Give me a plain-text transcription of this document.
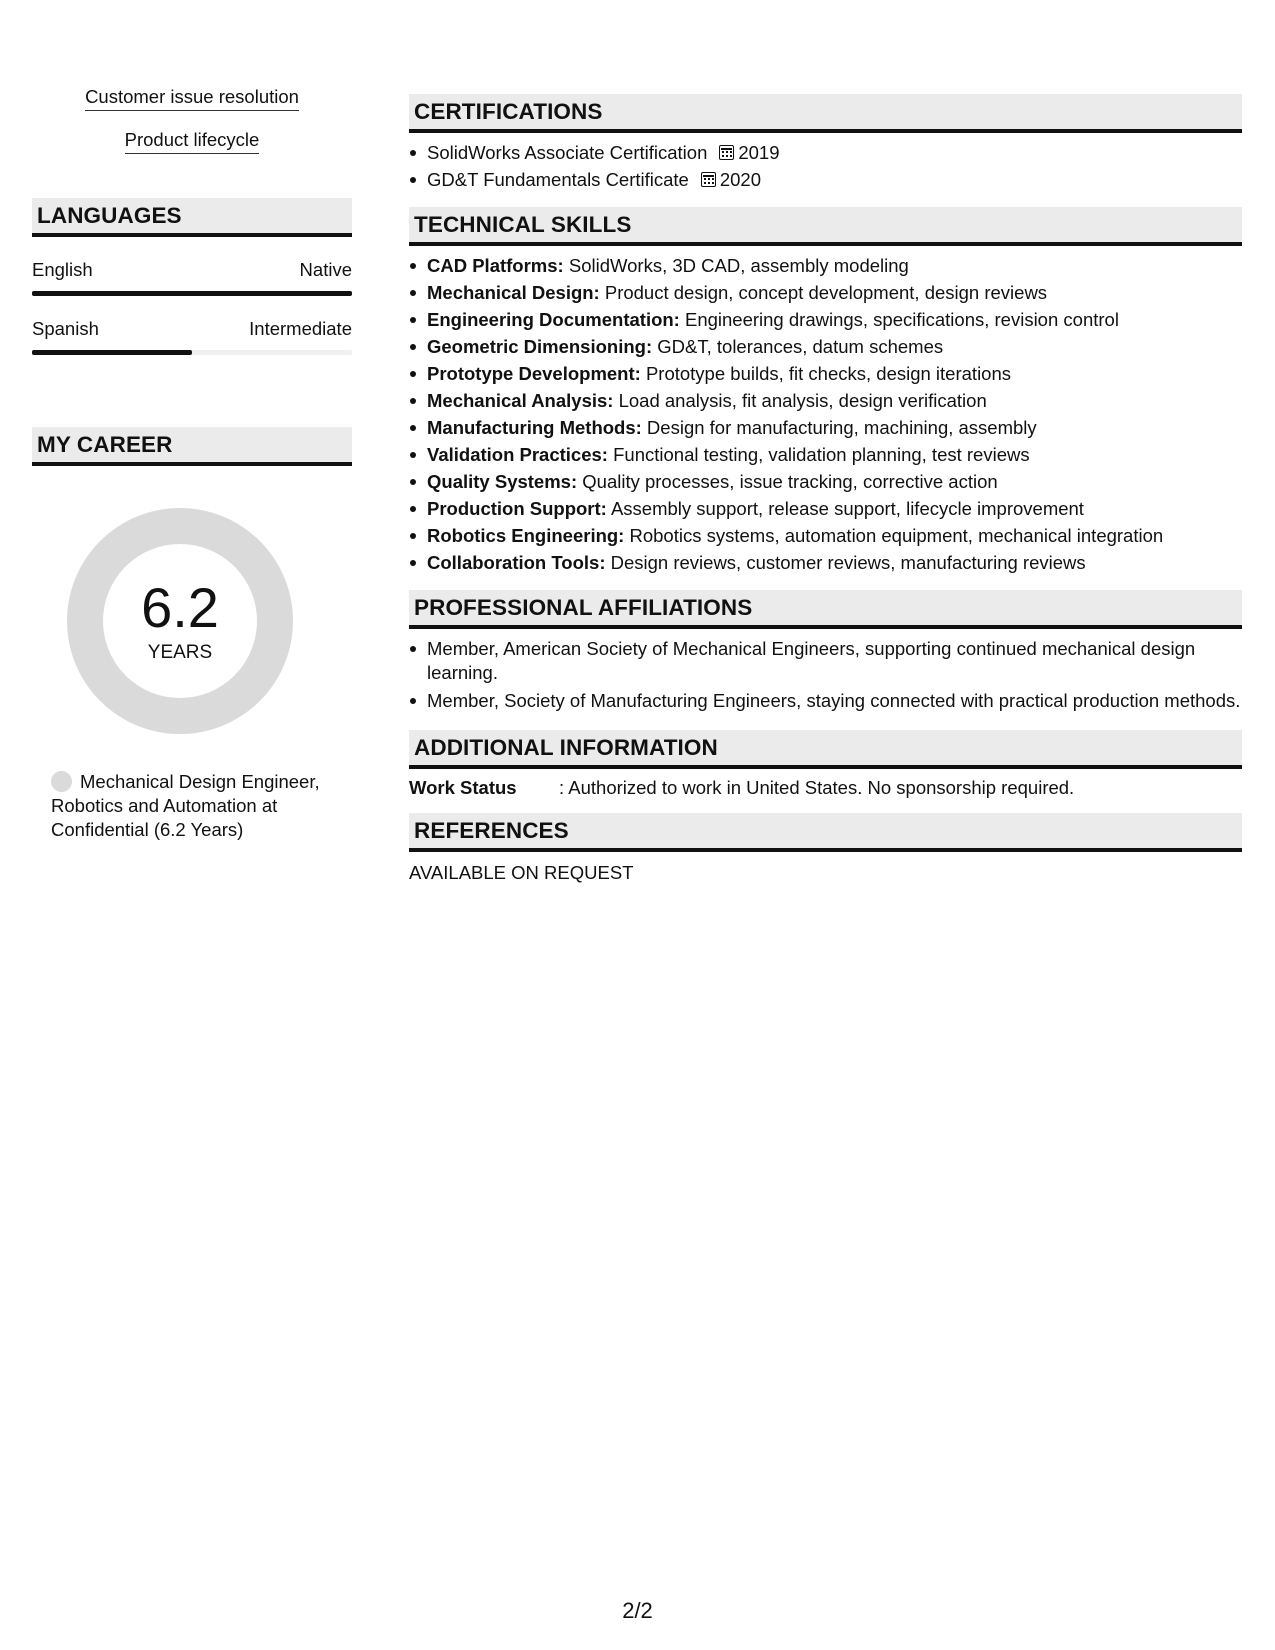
Customer issue resolution
Product lifecycle
LANGUAGES
English	Native
Spanish	Intermediate
MY CAREER
6.2
YEARS
Mechanical Design Engineer, Robotics and Automation at Confidential (6.2 Years)
CERTIFICATIONS
SolidWorks Associate Certification 2019
GD&T Fundamentals Certificate 2020
TECHNICAL SKILLS
CAD Platforms: SolidWorks, 3D CAD, assembly modeling
Mechanical Design: Product design, concept development, design reviews
Engineering Documentation: Engineering drawings, specifications, revision control
Geometric Dimensioning: GD&T, tolerances, datum schemes
Prototype Development: Prototype builds, fit checks, design iterations
Mechanical Analysis: Load analysis, fit analysis, design verification
Manufacturing Methods: Design for manufacturing, machining, assembly
Validation Practices: Functional testing, validation planning, test reviews
Quality Systems: Quality processes, issue tracking, corrective action
Production Support: Assembly support, release support, lifecycle improvement
Robotics Engineering: Robotics systems, automation equipment, mechanical integration
Collaboration Tools: Design reviews, customer reviews, manufacturing reviews
PROFESSIONAL AFFILIATIONS
Member, American Society of Mechanical Engineers, supporting continued mechanical design learning.
Member, Society of Manufacturing Engineers, staying connected with practical production methods.
ADDITIONAL INFORMATION
Work Status	: Authorized to work in United States. No sponsorship required.
REFERENCES
AVAILABLE ON REQUEST
2/2
